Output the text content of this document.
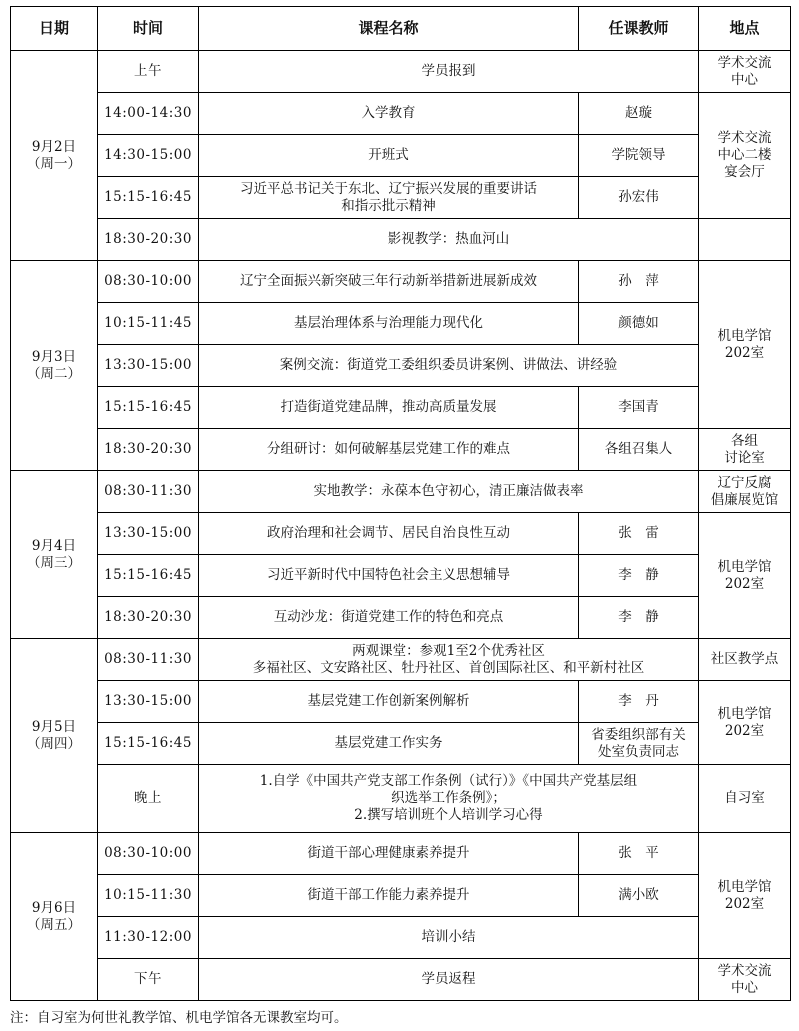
日期	时间	课程名称	任课教师	地点

9月2日
（周一）	上午	学员报到		学术交流
中心

	14:00-14:30	入学教育	赵璇	学术交流
中心二楼
宴会厅

	14:30-15:00	开班式	学院领导	

	15:15-16:45	习近平总书记关于东北、辽宁振兴发展的重要讲话
和指示批示精神	孙宏伟	

	18:30-20:30	影视教学：热血河山		

9月3日
（周二）	08:30-10:00	辽宁全面振兴新突破三年行动新举措新进展新成效	孙　萍	机电学馆
202室

	10:15-11:45	基层治理体系与治理能力现代化	颜德如	

	13:30-15:00	案例交流：街道党工委组织委员讲案例、讲做法、讲经验		

	15:15-16:45	打造街道党建品牌，推动高质量发展	李国青	

	18:30-20:30	分组研讨：如何破解基层党建工作的难点	各组召集人	各组
讨论室

9月4日
（周三）	08:30-11:30	实地教学：永葆本色守初心，清正廉洁做表率		辽宁反腐
倡廉展览馆

	13:30-15:00	政府治理和社会调节、居民自治良性互动	张　雷	机电学馆
202室

	15:15-16:45	习近平新时代中国特色社会主义思想辅导	李　静	

	18:30-20:30	互动沙龙：街道党建工作的特色和亮点	李　静	

9月5日
（周四）	08:30-11:30	两观课堂：参观1至2个优秀社区
多福社区、文安路社区、牡丹社区、首创国际社区、和平新村社区		社区教学点

	13:30-15:00	基层党建工作创新案例解析	李　丹	机电学馆
202室

	15:15-16:45	基层党建工作实务	省委组织部有关
处室负责同志	

	晚上	1.自学《中国共产党支部工作条例（试行）》《中国共产党基层组
织选举工作条例》；
2.撰写培训班个人培训学习心得		自习室

9月6日
（周五）	08:30-10:00	街道干部心理健康素养提升	张　平	机电学馆
202室

	10:15-11:30	街道干部工作能力素养提升	满小欧	

	11:30-12:00	培训小结		

	下午	学员返程		学术交流
中心
注：自习室为何世礼教学馆、机电学馆各无课教室均可。
